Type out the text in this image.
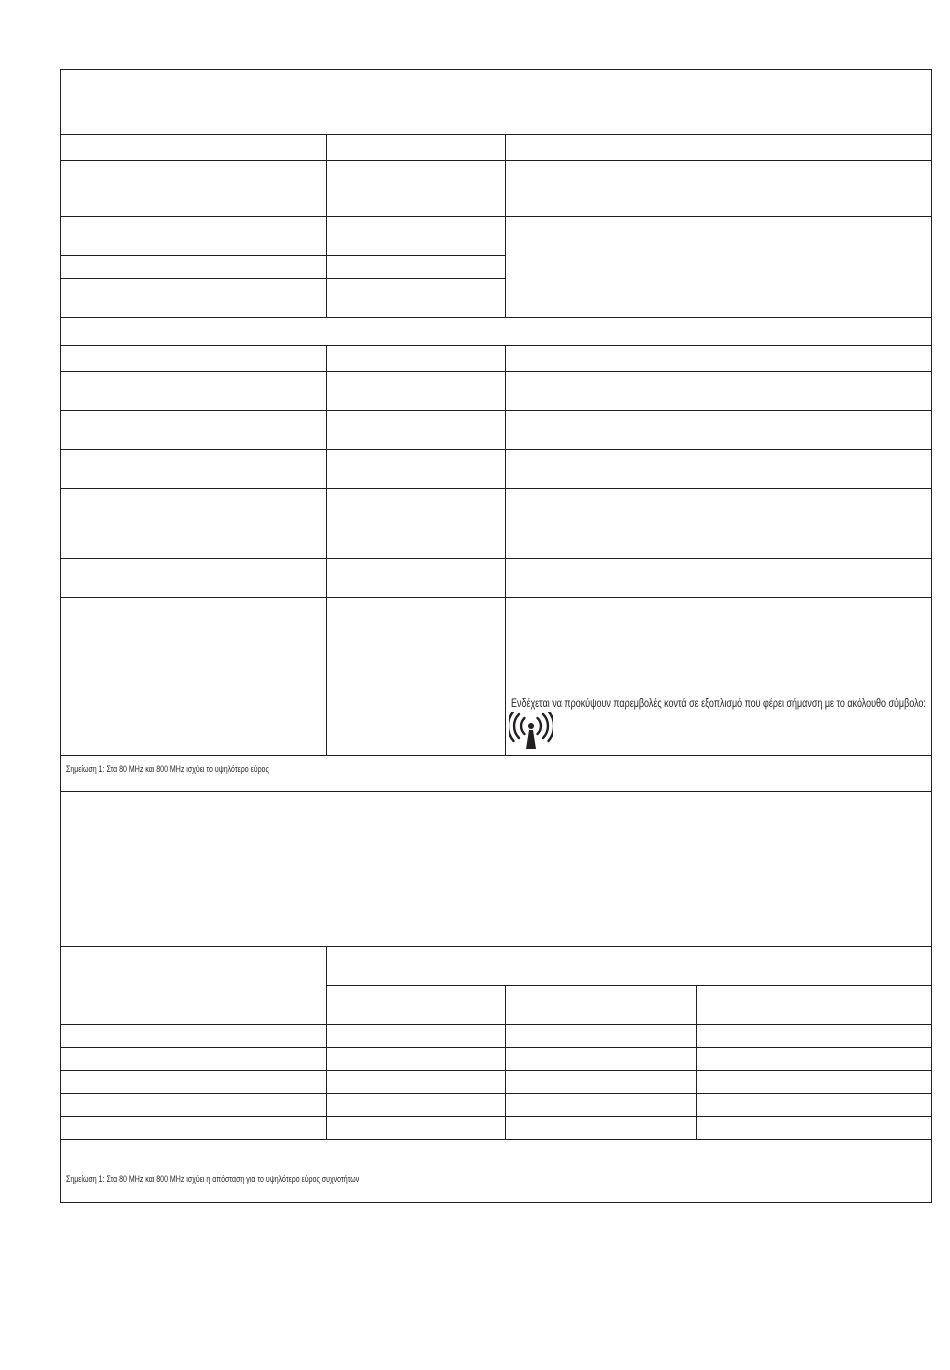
Σημείωση 1: Στα 80 MHz και 800 MHz ισχύει το υψηλότερο εύρος
Ενδέχεται να προκύψουν παρεμβολές κοντά σε εξοπλισμό που φέρει σήμανση με το ακόλουθο σύμβολο:
Σημείωση 1: Στα 80 MHz και 800 MHz ισχύει η απόσταση για το υψηλότερο εύρος συχνοτήτων
